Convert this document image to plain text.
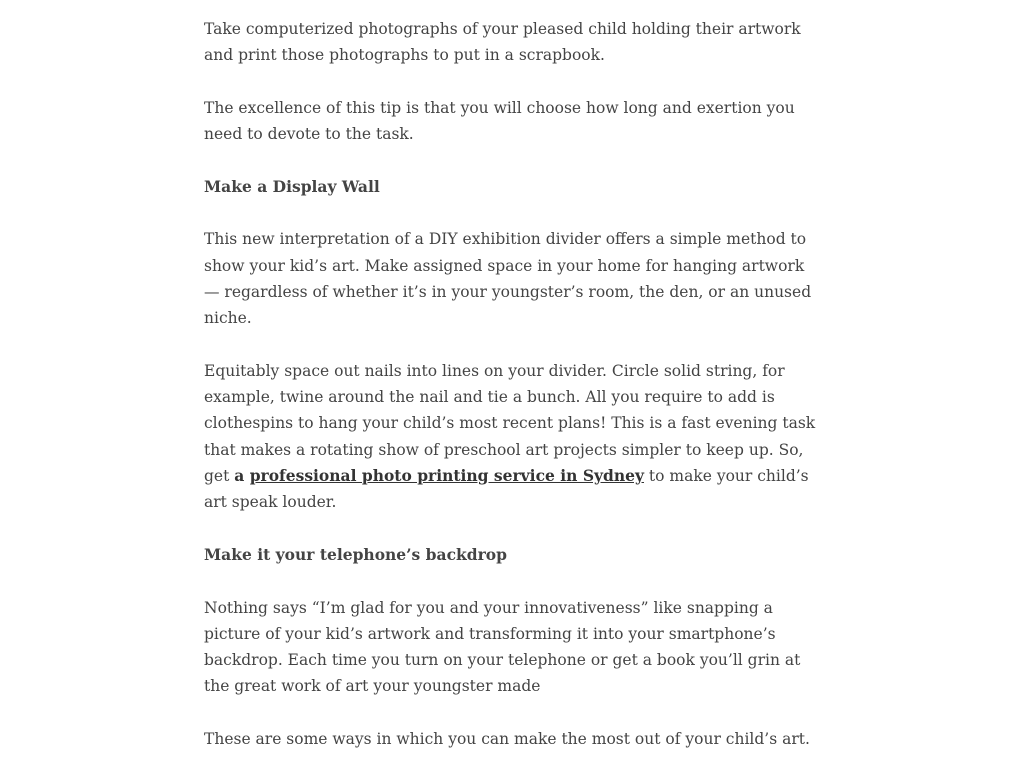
Take computerized photographs of your pleased child holding their artwork and print those photographs to put in a scrapbook.

The excellence of this tip is that you will choose how long and exertion you need to devote to the task.

Make a Display Wall

This new interpretation of a DIY exhibition divider offers a simple method to show your kid’s art. Make assigned space in your home for hanging artwork — regardless of whether it’s in your youngster’s room, the den, or an unused niche.

Equitably space out nails into lines on your divider. Circle solid string, for example, twine around the nail and tie a bunch. All you require to add is clothespins to hang your child’s most recent plans! This is a fast evening task that makes a rotating show of preschool art projects simpler to keep up. So, get a professional photo printing service in Sydney to make your child’s art speak louder.

Make it your telephone’s backdrop

Nothing says “I’m glad for you and your innovativeness” like snapping a picture of your kid’s artwork and transforming it into your smartphone’s backdrop. Each time you turn on your telephone or get a book you’ll grin at the great work of art your youngster made

These are some ways in which you can make the most out of your child’s art.
